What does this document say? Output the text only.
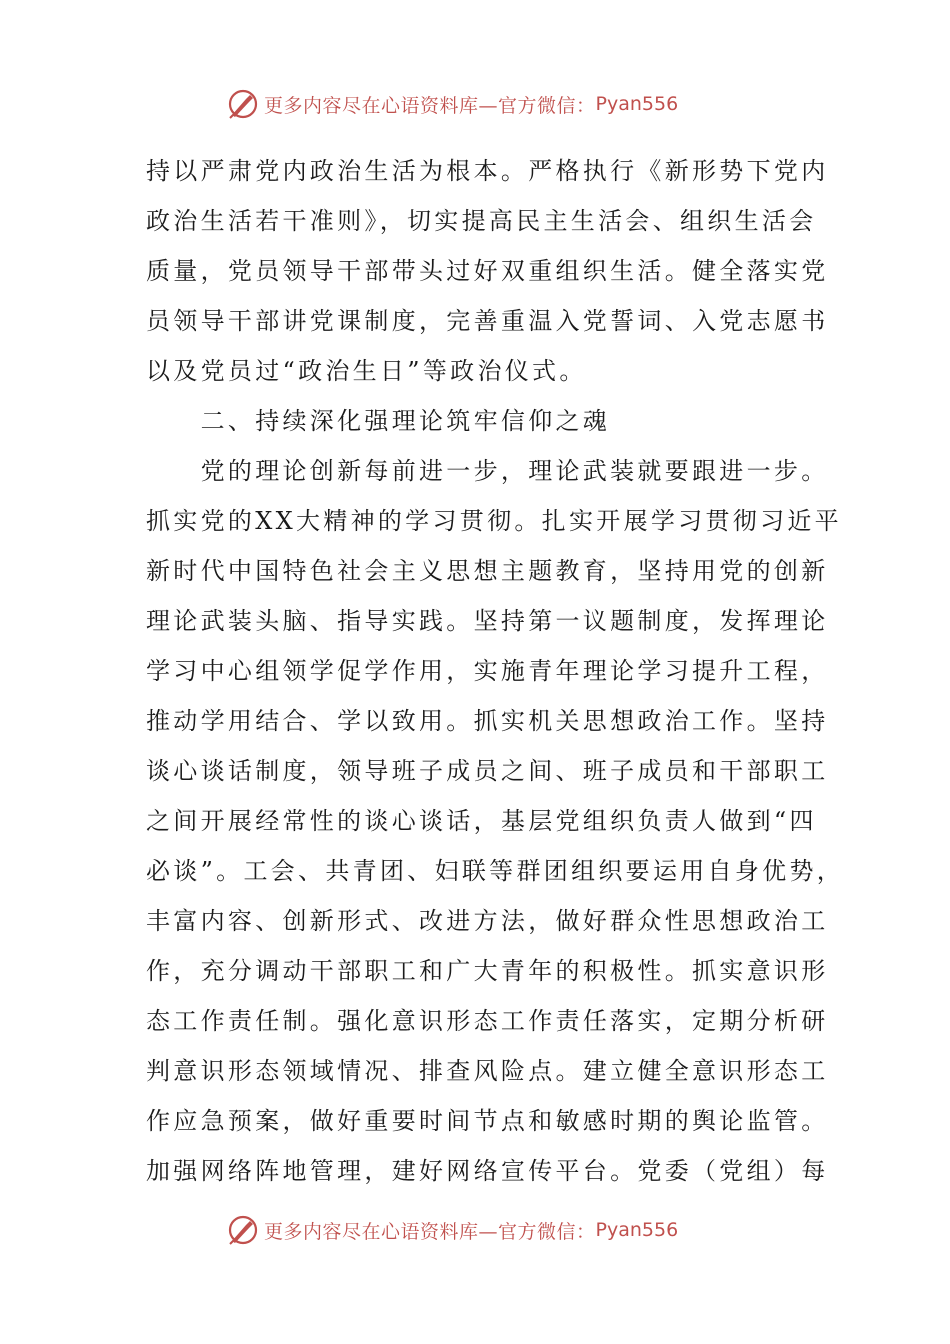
更多内容尽在心语资料库—官方微信： Pyan556
持以严肃党内政治生活为根本。严格执行《新形势下党内
政治生活若干准则》，切实提高民主生活会、组织生活会
质量，党员领导干部带头过好双重组织生活。健全落实党
员领导干部讲党课制度，完善重温入党誓词、入党志愿书
以及党员过“政治生日”等政治仪式。
　　二、持续深化强理论筑牢信仰之魂
　　党的理论创新每前进一步，理论武装就要跟进一步。
抓实党的XX大精神的学习贯彻。扎实开展学习贯彻习近平
新时代中国特色社会主义思想主题教育，坚持用党的创新
理论武装头脑、指导实践。坚持第一议题制度，发挥理论
学习中心组领学促学作用，实施青年理论学习提升工程，
推动学用结合、学以致用。抓实机关思想政治工作。坚持
谈心谈话制度，领导班子成员之间、班子成员和干部职工
之间开展经常性的谈心谈话，基层党组织负责人做到“四
必谈”。工会、共青团、妇联等群团组织要运用自身优势，
丰富内容、创新形式、改进方法，做好群众性思想政治工
作，充分调动干部职工和广大青年的积极性。抓实意识形
态工作责任制。强化意识形态工作责任落实，定期分析研
判意识形态领域情况、排查风险点。建立健全意识形态工
作应急预案，做好重要时间节点和敏感时期的舆论监管。
加强网络阵地管理，建好网络宣传平台。党委（党组）每
更多内容尽在心语资料库—官方微信： Pyan556
